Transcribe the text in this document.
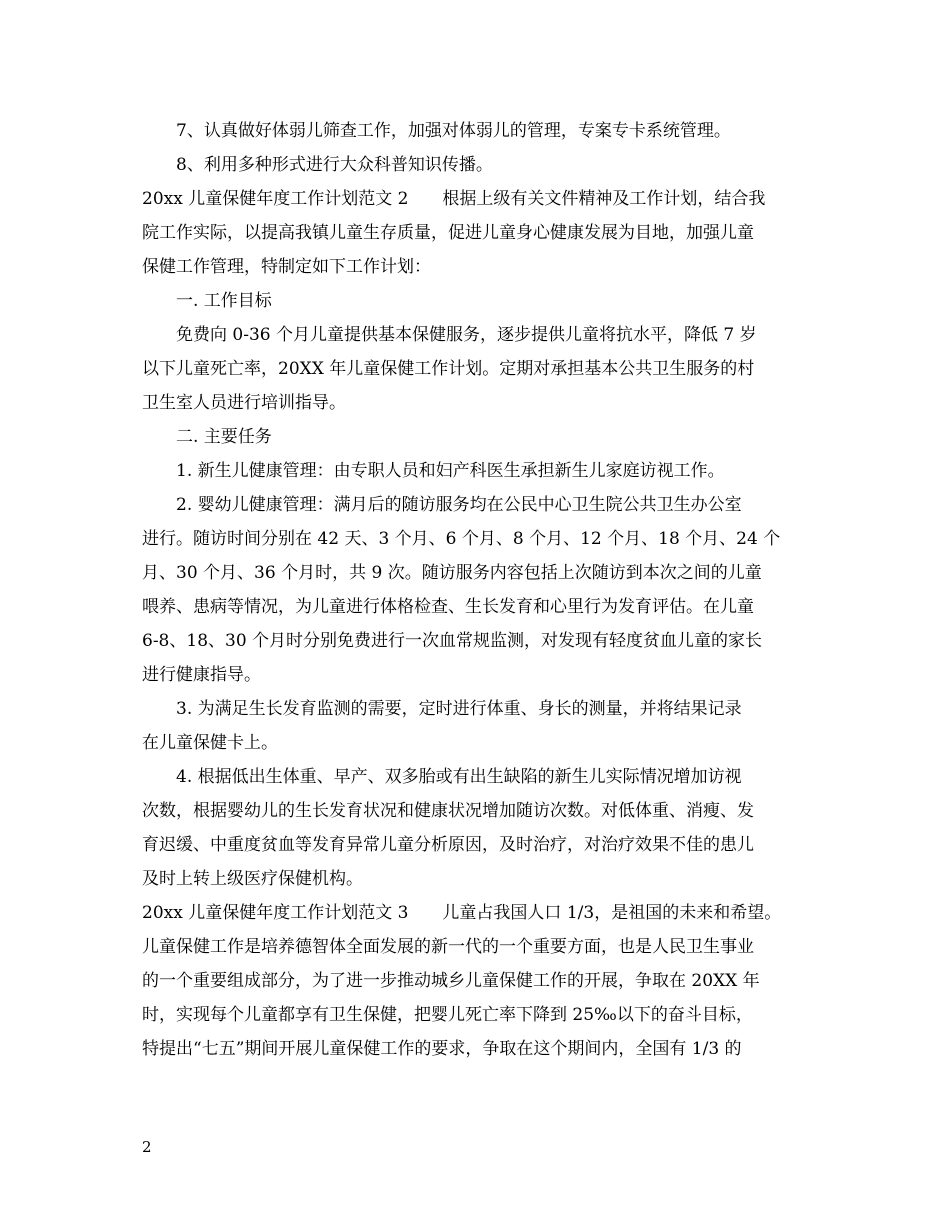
7、认真做好体弱儿筛查工作，加强对体弱儿的管理，专案专卡系统管理。
8、利用多种形式进行大众科普知识传播。
20xx 儿童保健年度工作计划范文 2　　根据上级有关文件精神及工作计划，结合我
院工作实际，以提高我镇儿童生存质量，促进儿童身心健康发展为目地，加强儿童
保健工作管理，特制定如下工作计划：
一. 工作目标
免费向 0-36 个月儿童提供基本保健服务，逐步提供儿童将抗水平，降低 7 岁
以下儿童死亡率，20XX 年儿童保健工作计划。定期对承担基本公共卫生服务的村
卫生室人员进行培训指导。
二. 主要任务
1. 新生儿健康管理：由专职人员和妇产科医生承担新生儿家庭访视工作。
2. 婴幼儿健康管理：满月后的随访服务均在公民中心卫生院公共卫生办公室
进行。随访时间分别在 42 天、3 个月、6 个月、8 个月、12 个月、18 个月、24 个
月、30 个月、36 个月时，共 9 次。随访服务内容包括上次随访到本次之间的儿童
喂养、患病等情况，为儿童进行体格检查、生长发育和心里行为发育评估。在儿童
6-8、18、30 个月时分别免费进行一次血常规监测，对发现有轻度贫血儿童的家长
进行健康指导。
3. 为满足生长发育监测的需要，定时进行体重、身长的测量，并将结果记录
在儿童保健卡上。
4. 根据低出生体重、早产、双多胎或有出生缺陷的新生儿实际情况增加访视
次数，根据婴幼儿的生长发育状况和健康状况增加随访次数。对低体重、消瘦、发
育迟缓、中重度贫血等发育异常儿童分析原因，及时治疗，对治疗效果不佳的患儿
及时上转上级医疗保健机构。
20xx 儿童保健年度工作计划范文 3　　儿童占我国人口 1/3，是祖国的未来和希望。
儿童保健工作是培养德智体全面发展的新一代的一个重要方面，也是人民卫生事业
的一个重要组成部分，为了进一步推动城乡儿童保健工作的开展，争取在 20XX 年
时，实现每个儿童都享有卫生保健，把婴儿死亡率下降到 25‰以下的奋斗目标，
特提出“七五”期间开展儿童保健工作的要求，争取在这个期间内，全国有 1/3 的
2
